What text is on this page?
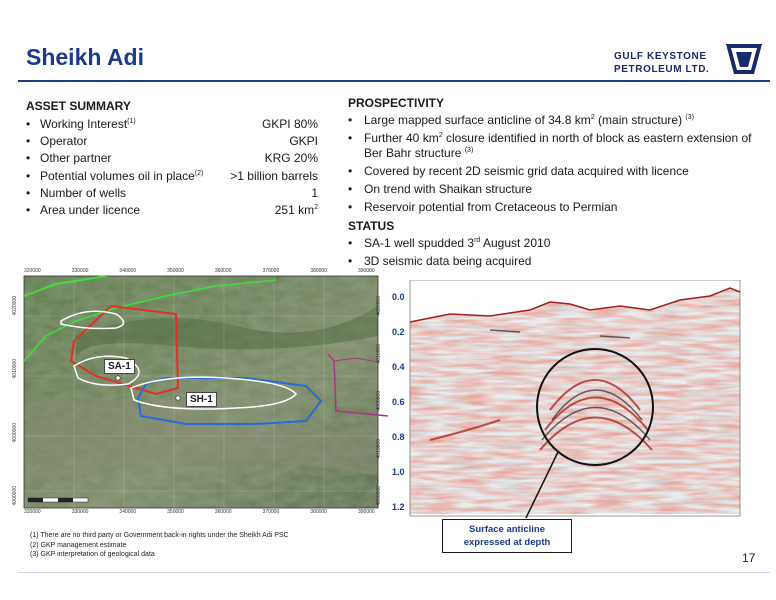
Sheikh Adi	GULF KEYSTONE
PETROLEUM LTD.
ASSET SUMMARY
• Working Interest$^{(1)}$	GKPI 80%
• Operator	GKPI
• Other partner	KRG 20%
• Potential volumes oil in place$^{(2)}$ >1 billion barrels
• Number of wells	1
• Area under licence	251 $km^2$
PROSPECTIVITY
• Large mapped surface anticline of 34.8 $km^2$ (main structure) $^{(3)}$
• Further 40 $km^2$ closure identified in north of block as eastern extension of Ber Bahr structure $^{(3)}$
• Covered by recent 2D seismic grid data acquired with licence
• On trend with Shaikan structure
• Reservoir potential from Cretaceous to Permian
STATUS
• SA-1 well spudded 3rd August 2010
• 3D seismic data being acquired
320000	330000	340000	350000	360000	370000	380000	390000
320000	330000	340000	350000	360000	370000	380000	390000
4020000
4010000
4000000
4000000
4020000
4010000
4000000
4010000
4000000
SA-1
SH-1
0.0
0.2
0.4
0.6
0.8
1.0
1.2
Surface anticline
expressed at depth
(1) There are no third party or Government back-in rights under the Sheikh Adi PSC
(2) GKP management estimate
(3) GKP interpretation of geological data	17
